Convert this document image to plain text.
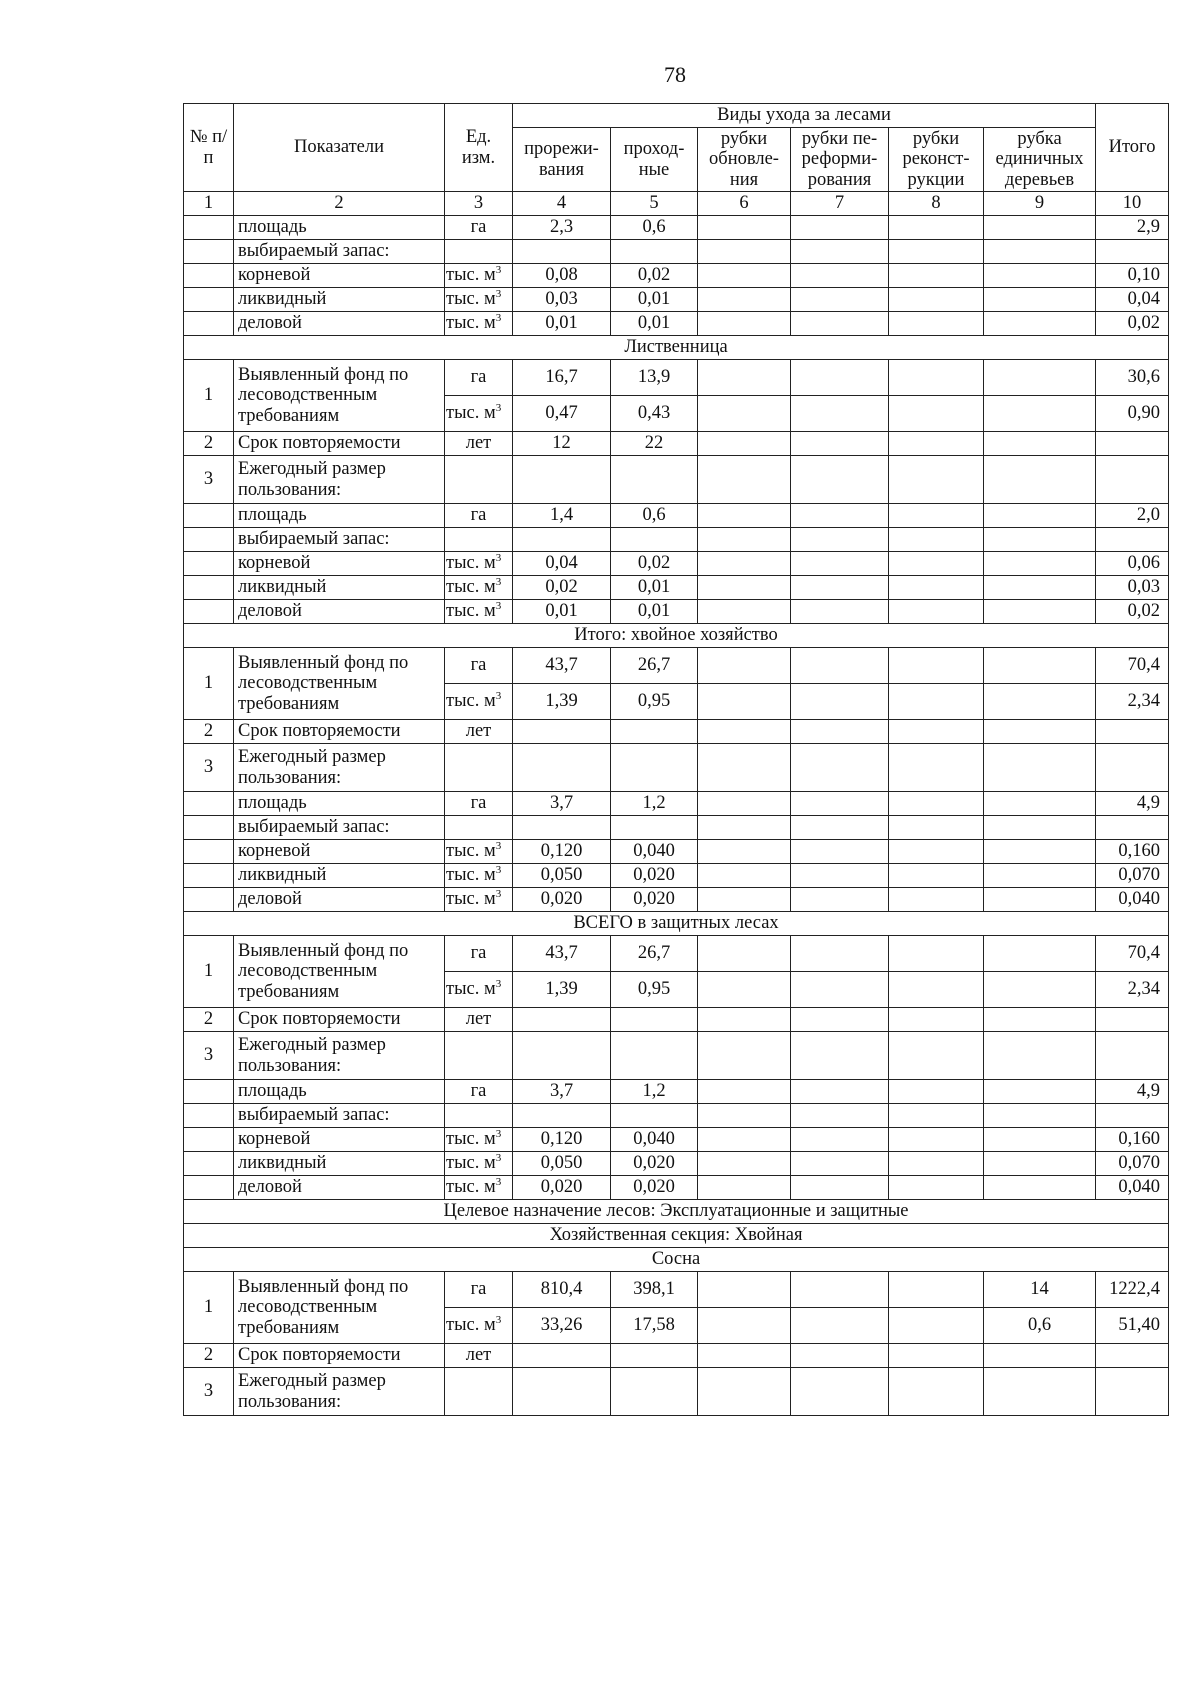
78
№ п/п	Показатели	Ед. изм.	Виды ухода за лесами						Итого
			прорежи-вания	проход-ные	рубки обновле-ния	рубки пе-реформи-рования	рубки реконст-рукции	рубка единичных деревьев	
1	2	3	4	5	6	7	8	9	10
	площадь	га	2,3	0,6					2,9
	выбираемый запас:								
	корневой	тыс. $м^3$	0,08	0,02					0,10
	ликвидный	тыс. $м^3$	0,03	0,01					0,04
	деловой	тыс. $м^3$	0,01	0,01					0,02
Лиственница									
1	Выявленный фонд по лесоводственным требованиям	га	16,7	13,9					30,6
		тыс. $м^3$	0,47	0,43					0,90
2	Срок повторяемости	лет	12	22					
3	Ежегодный размер пользования:								
	площадь	га	1,4	0,6					2,0
	выбираемый запас:								
	корневой	тыс. $м^3$	0,04	0,02					0,06
	ликвидный	тыс. $м^3$	0,02	0,01					0,03
	деловой	тыс. $м^3$	0,01	0,01					0,02
Итого: хвойное хозяйство									
1	Выявленный фонд по лесоводственным требованиям	га	43,7	26,7					70,4
		тыс. $м^3$	1,39	0,95					2,34
2	Срок повторяемости	лет							
3	Ежегодный размер пользования:								
	площадь	га	3,7	1,2					4,9
	выбираемый запас:								
	корневой	тыс. $м^3$	0,120	0,040					0,160
	ликвидный	тыс. $м^3$	0,050	0,020					0,070
	деловой	тыс. $м^3$	0,020	0,020					0,040
ВСЕГО в защитных лесах									
1	Выявленный фонд по лесоводственным требованиям	га	43,7	26,7					70,4
		тыс. $м^3$	1,39	0,95					2,34
2	Срок повторяемости	лет							
3	Ежегодный размер пользования:								
	площадь	га	3,7	1,2					4,9
	выбираемый запас:								
	корневой	тыс. $м^3$	0,120	0,040					0,160
	ликвидный	тыс. $м^3$	0,050	0,020					0,070
	деловой	тыс. $м^3$	0,020	0,020					0,040
Целевое назначение лесов: Эксплуатационные и защитные									
Хозяйственная секция: Хвойная									
Сосна									
1	Выявленный фонд по лесоводственным требованиям	га	810,4	398,1				14	1222,4
		тыс. $м^3$	33,26	17,58				0,6	51,40
2	Срок повторяемости	лет							
3	Ежегодный размер пользования:								
